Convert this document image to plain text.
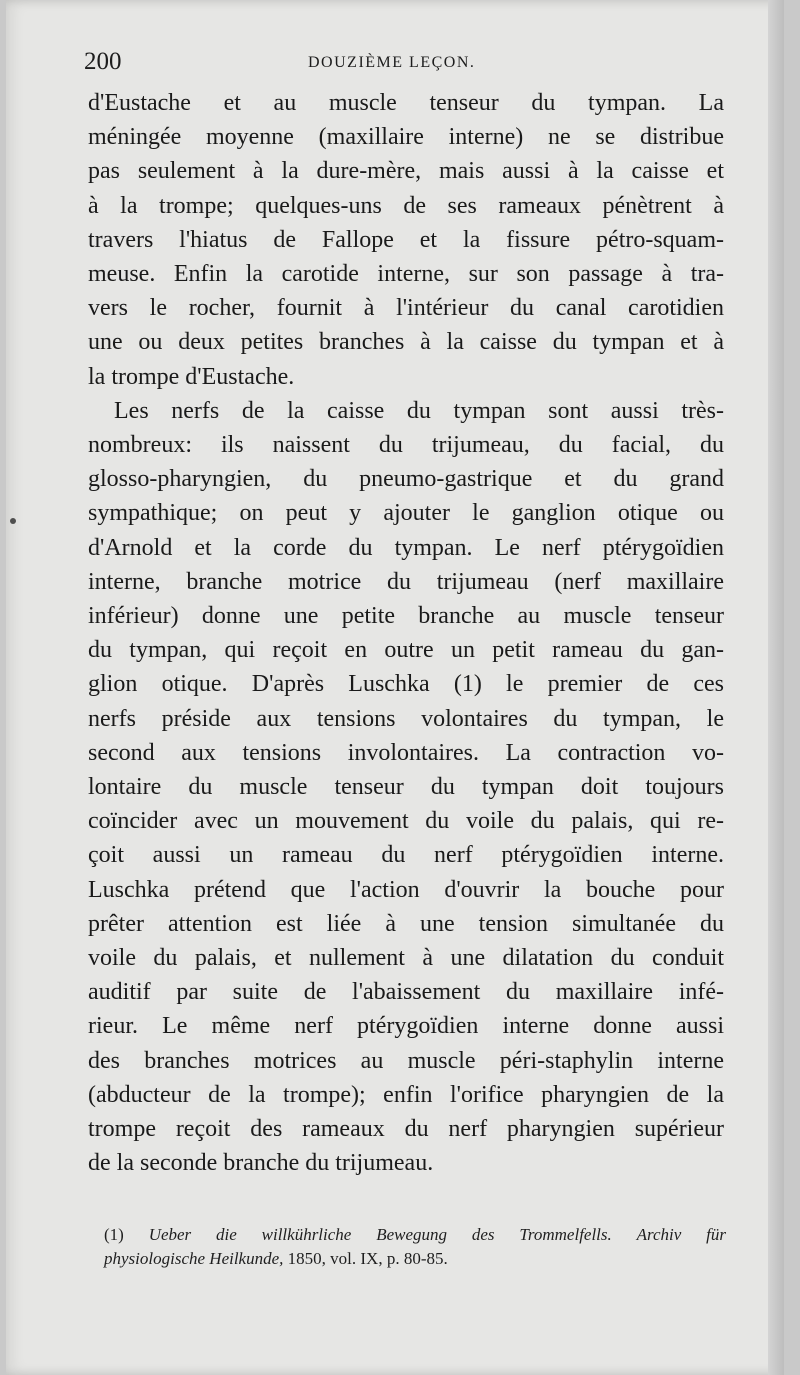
200	DOUZIÈME LEÇON.

d'Eustache et au muscle tenseur du tympan. La
méningée moyenne (maxillaire interne) ne se distribue
pas seulement à la dure-mère, mais aussi à la caisse et
à la trompe; quelques-uns de ses rameaux pénètrent à
travers l'hiatus de Fallope et la fissure pétro-squam-
meuse. Enfin la carotide interne, sur son passage à tra-
vers le rocher, fournit à l'intérieur du canal carotidien
une ou deux petites branches à la caisse du tympan et à
la trompe d'Eustache.

Les nerfs de la caisse du tympan sont aussi très-
nombreux: ils naissent du trijumeau, du facial, du
glosso-pharyngien, du pneumo-gastrique et du grand
sympathique; on peut y ajouter le ganglion otique ou
d'Arnold et la corde du tympan. Le nerf ptérygoïdien
interne, branche motrice du trijumeau (nerf maxillaire
inférieur) donne une petite branche au muscle tenseur
du tympan, qui reçoit en outre un petit rameau du gan-
glion otique. D'après Luschka (1) le premier de ces
nerfs préside aux tensions volontaires du tympan, le
second aux tensions involontaires. La contraction vo-
lontaire du muscle tenseur du tympan doit toujours
coïncider avec un mouvement du voile du palais, qui re-
çoit aussi un rameau du nerf ptérygoïdien interne.
Luschka prétend que l'action d'ouvrir la bouche pour
prêter attention est liée à une tension simultanée du
voile du palais, et nullement à une dilatation du conduit
auditif par suite de l'abaissement du maxillaire infé-
rieur. Le même nerf ptérygoïdien interne donne aussi
des branches motrices au muscle péri-staphylin interne
(abducteur de la trompe); enfin l'orifice pharyngien de la
trompe reçoit des rameaux du nerf pharyngien supérieur
de la seconde branche du trijumeau.

(1) Ueber die willkührliche Bewegung des Trommelfells. Archiv für
physiologische Heilkunde, 1850, vol. IX, p. 80-85.
